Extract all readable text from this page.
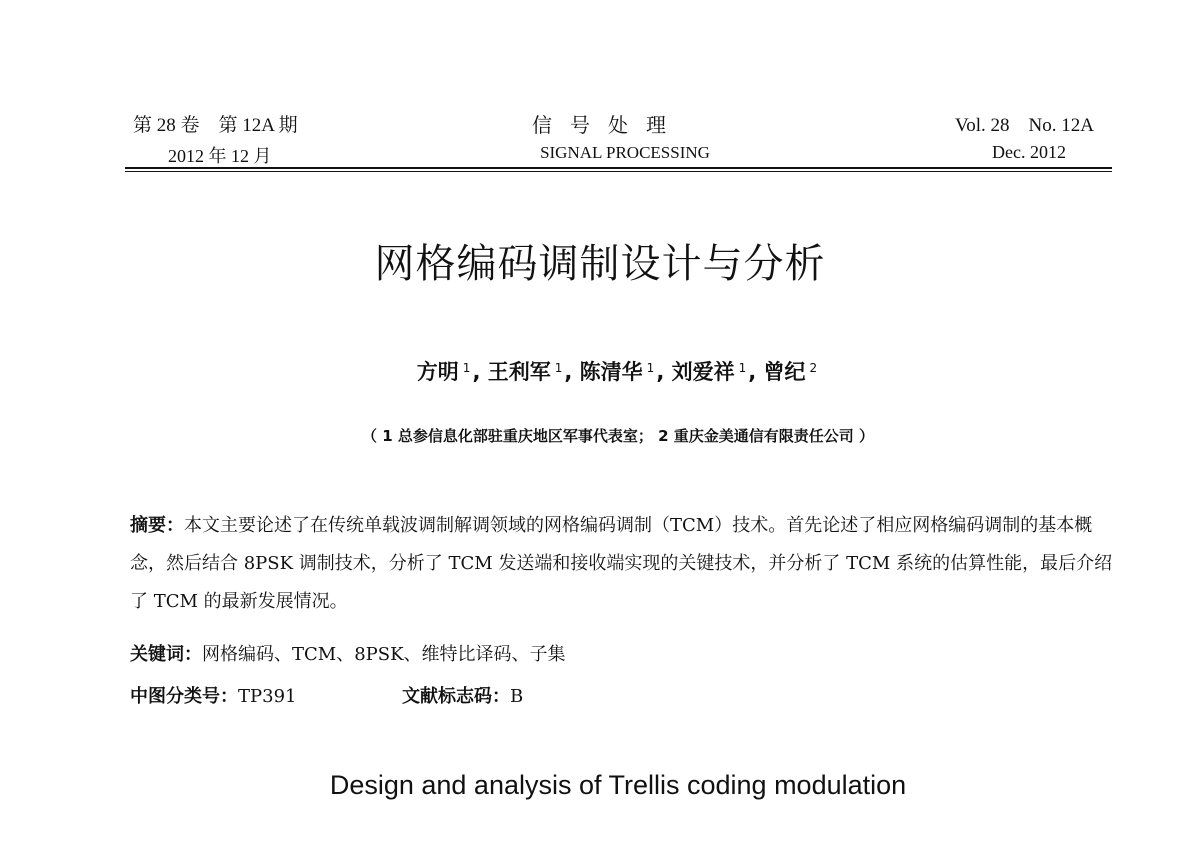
第 28 卷　第 12A 期
2012 年 12 月
信号处理
SIGNAL PROCESSING
Vol. 28　No. 12A
Dec. 2012
网格编码调制设计与分析
方明 $^1$, 王利军 $^1$, 陈清华 $^1$, 刘爱祥 $^1$, 曾纪 $^2$
（ 1 总参信息化部驻重庆地区军事代表室； 2 重庆金美通信有限责任公司 ）
摘要：本文主要论述了在传统单载波调制解调领域的网格编码调制（TCM）技术。首先论述了相应网格编码调制的基本概念，然后结合 8PSK 调制技术，分析了 TCM 发送端和接收端实现的关键技术，并分析了 TCM 系统的估算性能，最后介绍了 TCM 的最新发展情况。
关键词：网格编码、TCM、8PSK、维特比译码、子集
中图分类号：TP391	文献标志码：B
Design and analysis of Trellis coding modulation
